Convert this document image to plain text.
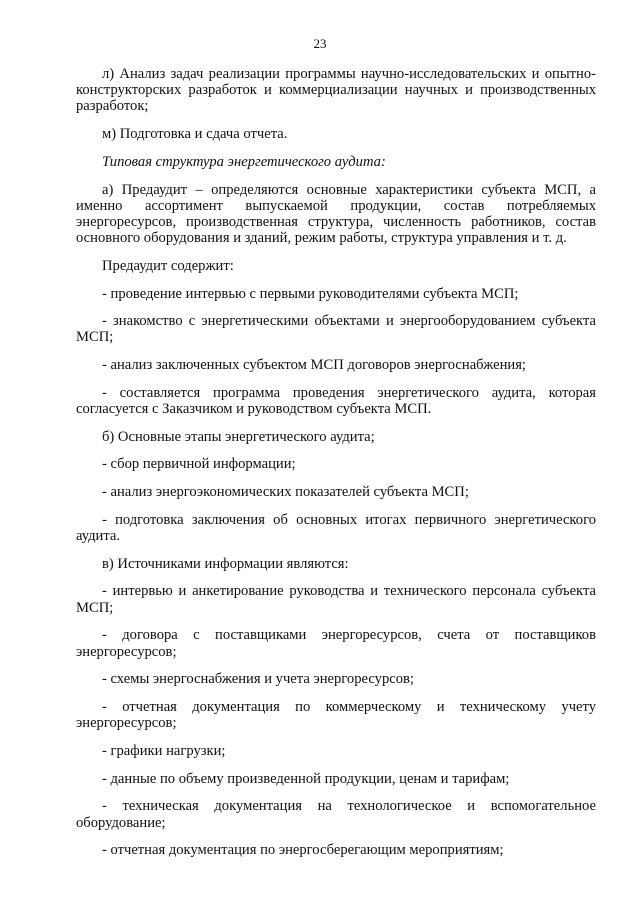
23

л) Анализ задач реализации программы научно-исследовательских и опытно-конструкторских разработок и коммерциализации научных и производственных разработок;

м) Подготовка и сдача отчета.

Типовая структура энергетического аудита:

а) Предаудит – определяются основные характеристики субъекта МСП, а именно ассортимент выпускаемой продукции, состав потребляемых энергоресурсов, производственная структура, численность работников, состав основного оборудования и зданий, режим работы, структура управления и т. д.

Предаудит содержит:

- проведение интервью с первыми руководителями субъекта МСП;

- знакомство с энергетическими объектами и энергооборудованием субъекта МСП;

- анализ заключенных субъектом МСП договоров энергоснабжения;

- составляется программа проведения энергетического аудита, которая согласуется с Заказчиком и руководством субъекта МСП.

б) Основные этапы энергетического аудита;

- сбор первичной информации;

- анализ энергоэкономических показателей субъекта МСП;

- подготовка заключения об основных итогах первичного энергетического аудита.

в) Источниками информации являются:

- интервью и анкетирование руководства и технического персонала субъекта МСП;

- договора с поставщиками энергоресурсов, счета от поставщиков энергоресурсов;

- схемы энергоснабжения и учета энергоресурсов;

- отчетная документация по коммерческому и техническому учету энергоресурсов;

- графики нагрузки;

- данные по объему произведенной продукции, ценам и тарифам;

- техническая документация на технологическое и вспомогательное оборудование;

- отчетная документация по энергосберегающим мероприятиям;
